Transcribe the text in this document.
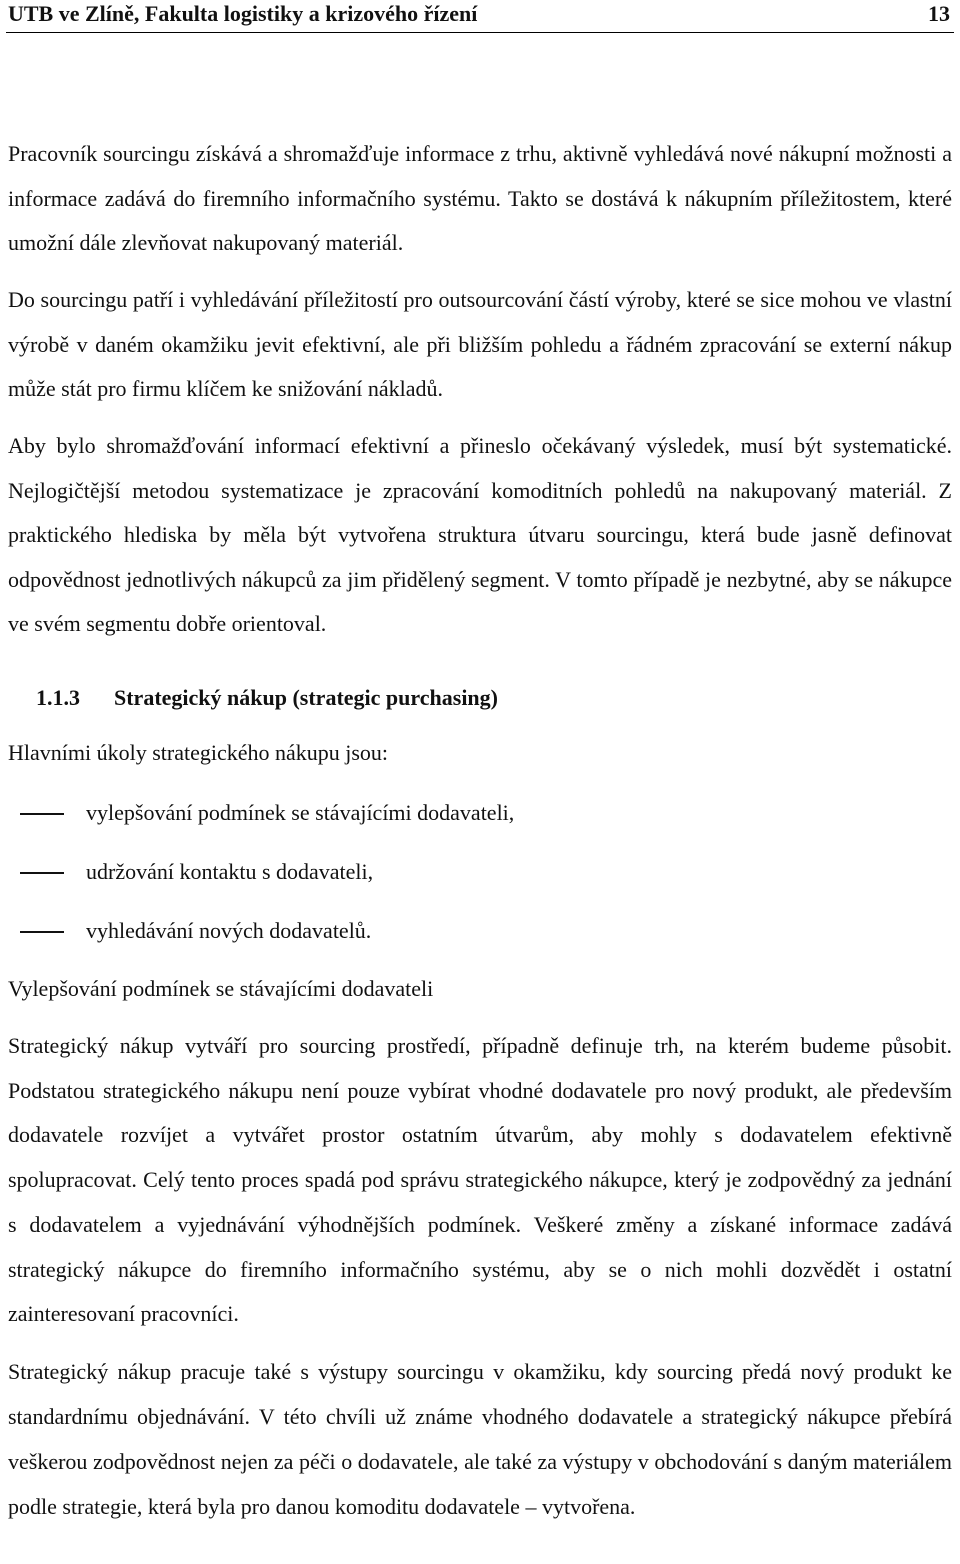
UTB ve Zlíně, Fakulta logistiky a krizového řízení	13

Pracovník sourcingu získává a shromažďuje informace z trhu, aktivně vyhledává nové nákupní možnosti a informace zadává do firemního informačního systému. Takto se dostává k nákupním příležitostem, které umožní dále zlevňovat nakupovaný materiál.

Do sourcingu patří i vyhledávání příležitostí pro outsourcování částí výroby, které se sice mohou ve vlastní výrobě v daném okamžiku jevit efektivní, ale při bližším pohledu a řádném zpracování se externí nákup může stát pro firmu klíčem ke snižování nákladů.

Aby bylo shromažďování informací efektivní a přineslo očekávaný výsledek, musí být systematické. Nejlogičtější metodou systematizace je zpracování komoditních pohledů na nakupovaný materiál. Z praktického hlediska by měla být vytvořena struktura útvaru sourcingu, která bude jasně definovat odpovědnost jednotlivých nákupců za jim přidělený segment. V tomto případě je nezbytné, aby se nákupce ve svém segmentu dobře orientoval.

1.1.3 Strategický nákup (strategic purchasing)
Hlavními úkoly strategického nákupu jsou:
vylepšování podmínek se stávajícími dodavateli,
udržování kontaktu s dodavateli,
vyhledávání nových dodavatelů.
Vylepšování podmínek se stávajícími dodavateli

Strategický nákup vytváří pro sourcing prostředí, případně definuje trh, na kterém budeme působit. Podstatou strategického nákupu není pouze vybírat vhodné dodavatele pro nový produkt, ale především dodavatele rozvíjet a vytvářet prostor ostatním útvarům, aby mohly s dodavatelem efektivně spolupracovat. Celý tento proces spadá pod správu strategického nákupce, který je zodpovědný za jednání s dodavatelem a vyjednávání výhodnějších podmínek. Veškeré změny a získané informace zadává strategický nákupce do firemního informačního systému, aby se o nich mohli dozvědět i ostatní zainteresovaní pracovníci.

Strategický nákup pracuje také s výstupy sourcingu v okamžiku, kdy sourcing předá nový produkt ke standardnímu objednávání. V této chvíli už známe vhodného dodavatele a strategický nákupce přebírá veškerou zodpovědnost nejen za péči o dodavatele, ale také za výstupy v obchodování s daným materiálem podle strategie, která byla pro danou komoditu dodavatele – vytvořena.
